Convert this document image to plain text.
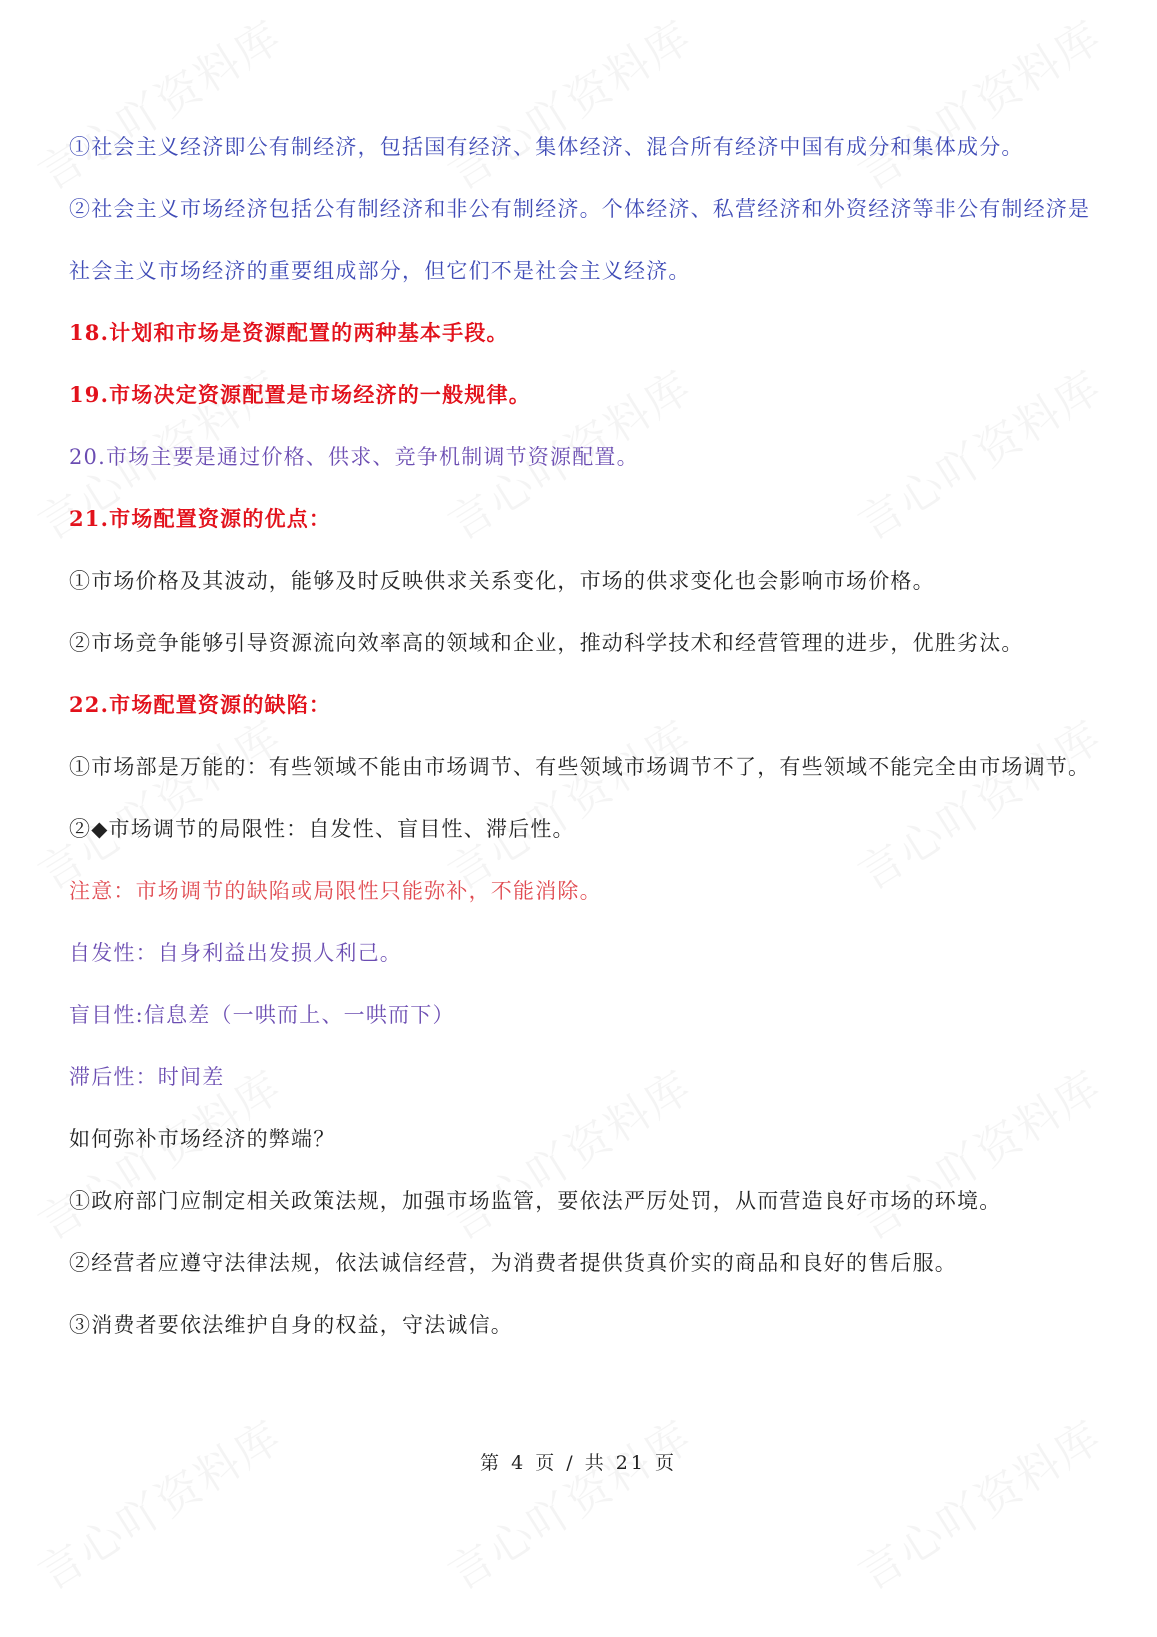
①社会主义经济即公有制经济，包括国有经济、集体经济、混合所有经济中国有成分和集体成分。

②社会主义市场经济包括公有制经济和非公有制经济。个体经济、私营经济和外资经济等非公有制经济是社会主义市场经济的重要组成部分，但它们不是社会主义经济。

18.计划和市场是资源配置的两种基本手段。

19.市场决定资源配置是市场经济的一般规律。

20.市场主要是通过价格、供求、竞争机制调节资源配置。

21.市场配置资源的优点：

①市场价格及其波动，能够及时反映供求关系变化，市场的供求变化也会影响市场价格。

②市场竞争能够引导资源流向效率高的领域和企业，推动科学技术和经营管理的进步，优胜劣汰。

22.市场配置资源的缺陷：

①市场部是万能的：有些领域不能由市场调节、有些领域市场调节不了，有些领域不能完全由市场调节。

②◆市场调节的局限性：自发性、盲目性、滞后性。

注意：市场调节的缺陷或局限性只能弥补，不能消除。

自发性：自身利益出发损人利己。

盲目性:信息差（一哄而上、一哄而下）

滞后性：时间差

如何弥补市场经济的弊端？

①政府部门应制定相关政策法规，加强市场监管，要依法严厉处罚，从而营造良好市场的环境。

②经营者应遵守法律法规，依法诚信经营，为消费者提供货真价实的商品和良好的售后服。

③消费者要依法维护自身的权益，守法诚信。

第 4 页 / 共 21 页
